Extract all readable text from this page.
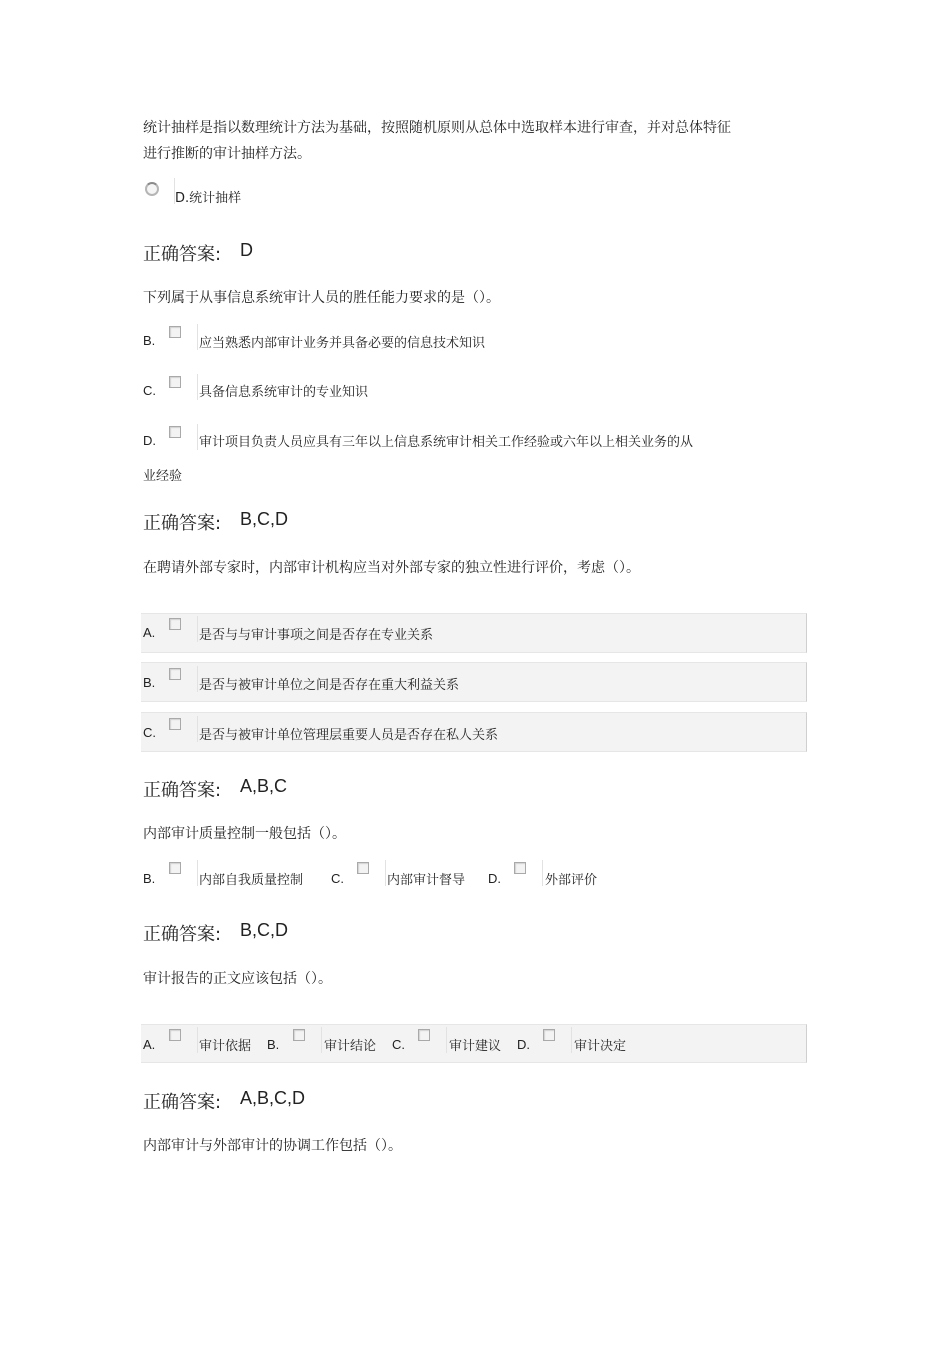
统计抽样是指以数理统计方法为基础，按照随机原则从总体中选取样本进行审查，并对总体特征进行推断的审计抽样方法。
D.统计抽样
正确答案: D
下列属于从事信息系统审计人员的胜任能力要求的是（）。
B.	应当熟悉内部审计业务并具备必要的信息技术知识
C.	具备信息系统审计的专业知识
D.	审计项目负责人员应具有三年以上信息系统审计相关工作经验或六年以上相关业务的从
业经验
正确答案: B,C,D
在聘请外部专家时，内部审计机构应当对外部专家的独立性进行评价，考虑（）。
A.	是否与与审计事项之间是否存在专业关系
B.	是否与被审计单位之间是否存在重大利益关系
C.	是否与被审计单位管理层重要人员是否存在私人关系
正确答案: A,B,C
内部审计质量控制一般包括（）。
B.	内部自我质量控制 C.	内部审计督导 D.	外部评价
正确答案: B,C,D
审计报告的正文应该包括（）。
A.	审计依据 B.	审计结论 C.	审计建议 D.	审计决定
正确答案: A,B,C,D
内部审计与外部审计的协调工作包括（）。
